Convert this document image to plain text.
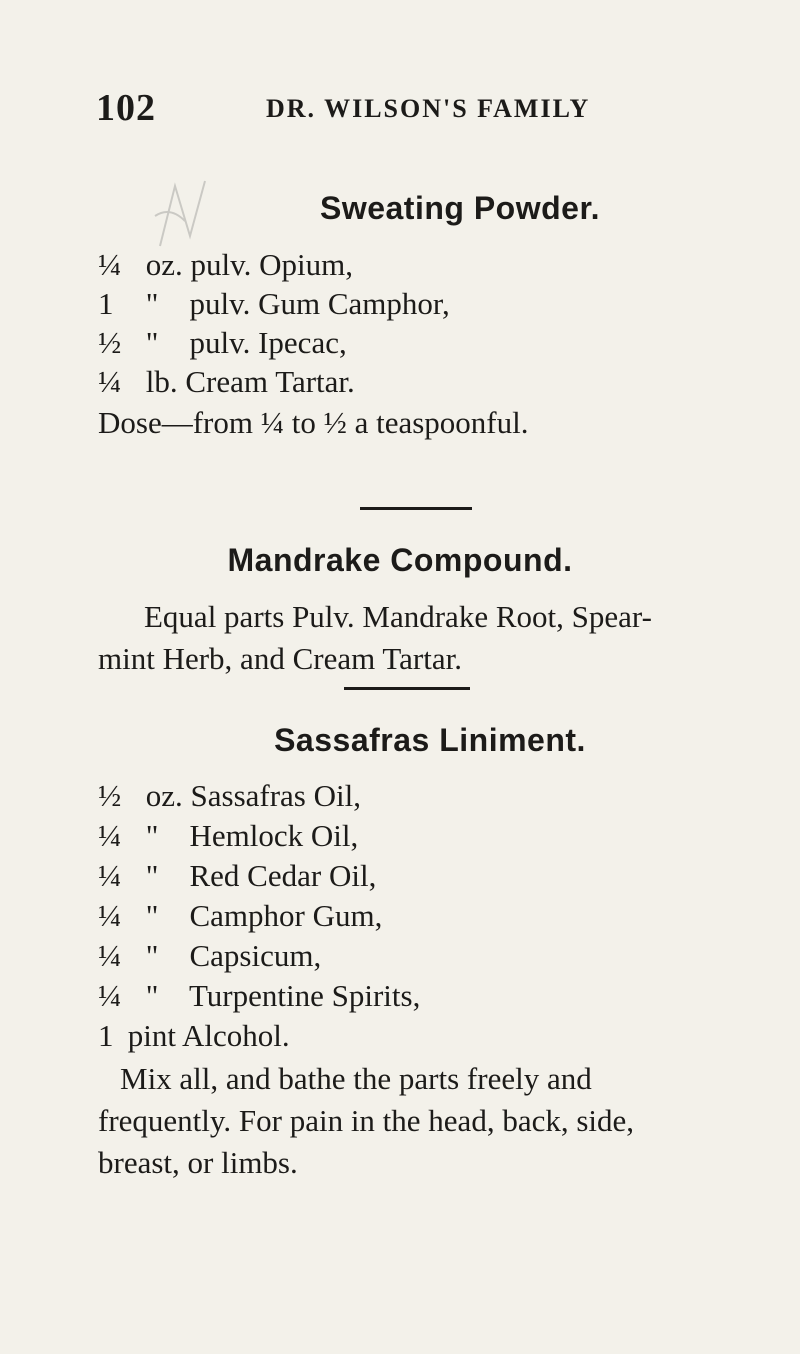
102	DR. WILSON'S FAMILY
Sweating Powder.
¼ oz. pulv. Opium,
1 " pulv. Gum Camphor,
½ " pulv. Ipecac,
¼ lb. Cream Tartar.
Dose—from ¼ to ½ a teaspoonful.
Mandrake Compound.
Equal parts Pulv. Mandrake Root, Spear-
mint Herb, and Cream Tartar.
Sassafras Liniment.
½ oz. Sassafras Oil,
¼ " Hemlock Oil,
¼ " Red Cedar Oil,
¼ " Camphor Gum,
¼ " Capsicum,
¼ " Turpentine Spirits,
1 pint Alcohol.
Mix all, and bathe the parts freely and
frequently. For pain in the head, back, side,
breast, or limbs.
